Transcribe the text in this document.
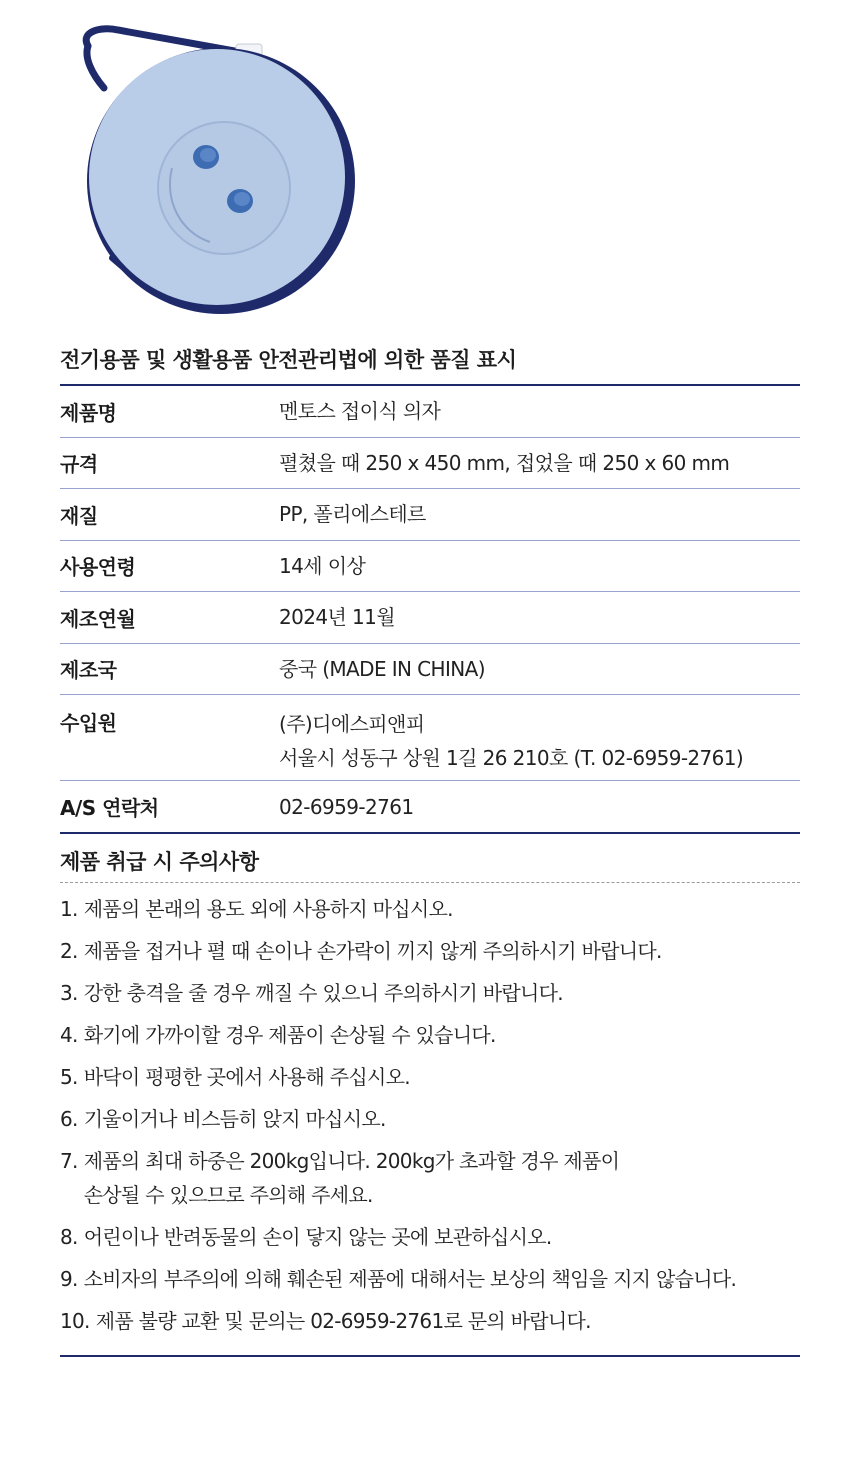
전기용품 및 생활용품 안전관리법에 의한 품질 표시
제품명	멘토스 접이식 의자
규격	펼쳤을 때 250 x 450 mm, 접었을 때 250 x 60 mm
재질	PP, 폴리에스테르
사용연령	14세 이상
제조연월	2024년 11월
제조국	중국 (MADE IN CHINA)
수입원	(주)디에스피앤피
서울시 성동구 상원 1길 26 210호 (T. 02-6959-2761)
A/S 연락처	02-6959-2761
제품 취급 시 주의사항
1. 제품의 본래의 용도 외에 사용하지 마십시오.
2. 제품을 접거나 펼 때 손이나 손가락이 끼지 않게 주의하시기 바랍니다.
3. 강한 충격을 줄 경우 깨질 수 있으니 주의하시기 바랍니다.
4. 화기에 가까이할 경우 제품이 손상될 수 있습니다.
5. 바닥이 평평한 곳에서 사용해 주십시오.
6. 기울이거나 비스듬히 앉지 마십시오.
7. 제품의 최대 하중은 200kg입니다. 200kg가 초과할 경우 제품이
손상될 수 있으므로 주의해 주세요.
8. 어린이나 반려동물의 손이 닿지 않는 곳에 보관하십시오.
9. 소비자의 부주의에 의해 훼손된 제품에 대해서는 보상의 책임을 지지 않습니다.
10. 제품 불량 교환 및 문의는 02-6959-2761로 문의 바랍니다.
